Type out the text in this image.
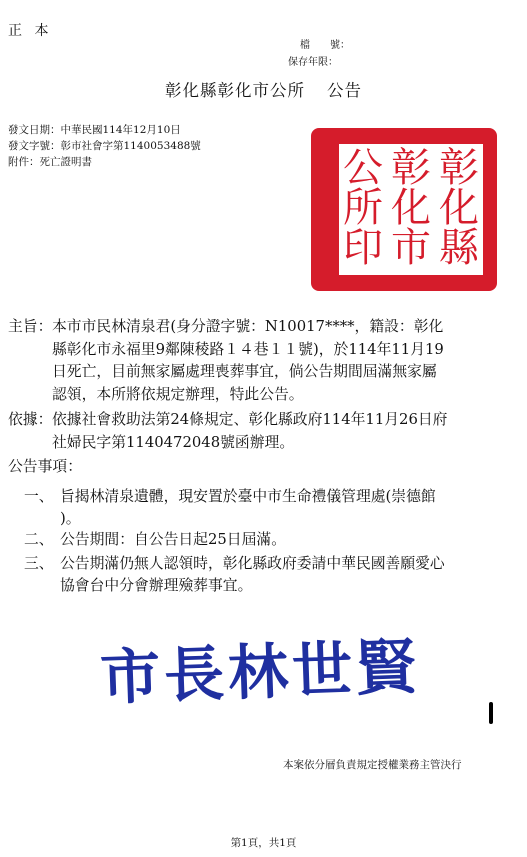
正 本
檔　　號：
保存年限：
彰化縣彰化市公所 公告
發文日期：中華民國114年12月10日
發文字號：彰市社會字第1140053488號
附件：死亡證明書	彰
化
縣
彰
化
市
公
所
印
主旨： 本市市民林清泉君(身分證字號：N10017****，籍設：彰化
縣彰化市永福里9鄰陳稜路１４巷１１號)，於114年11月19
日死亡，目前無家屬處理喪葬事宜，倘公告期間屆滿無家屬
認領，本所將依規定辦理，特此公告。
依據： 依據社會救助法第24條規定、彰化縣政府114年11月26日府
社婦民字第1140472048號函辦理。
公告事項：
一、 旨揭林清泉遺體，現安置於臺中市生命禮儀管理處(崇德館
)。
二、 公告期間：自公告日起25日屆滿。
三、 公告期滿仍無人認領時，彰化縣政府委請中華民國善願愛心
協會台中分會辦理殮葬事宜。
市長林世賢
本案依分層負責規定授權業務主管決行
第1頁，共1頁
